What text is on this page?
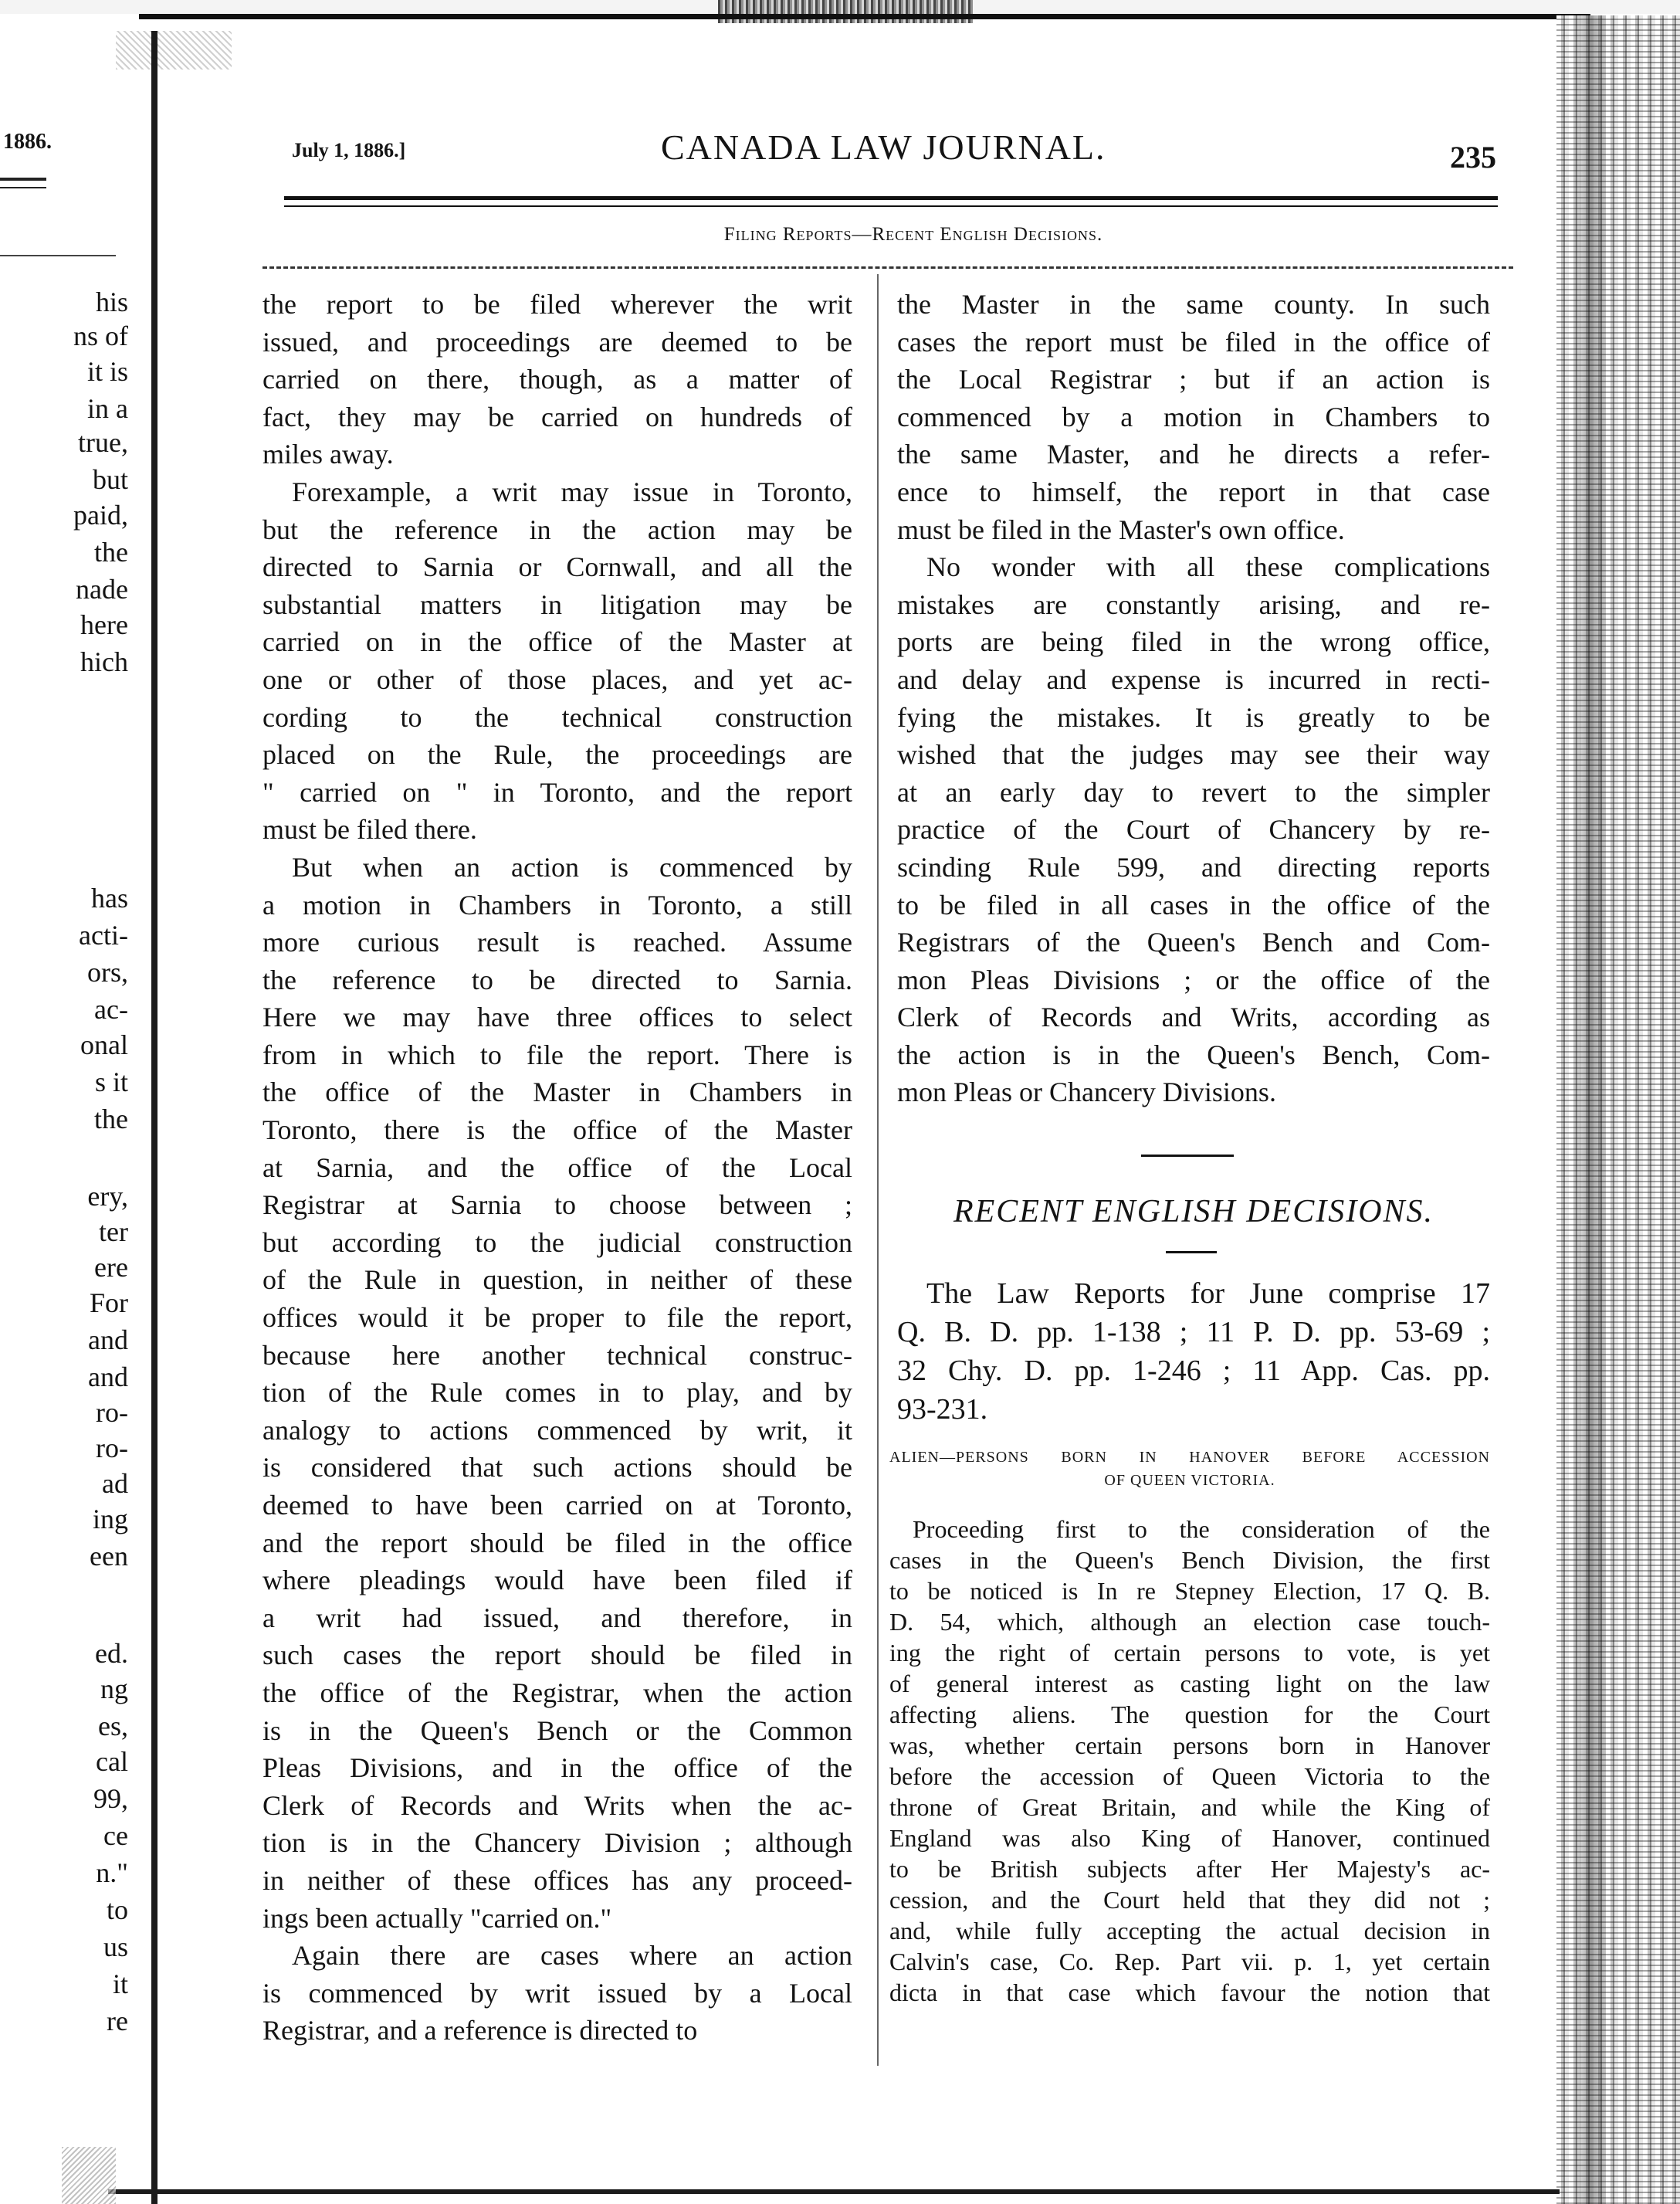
1886.
his
ns of
it is
in a
true,
but
paid,
the
nade
here
hich
has
acti-
ors,
ac-
onal
s it
the
ery,
ter
ere
For
and
and
ro-
ro-
ad
ing
een
ed.
ng
es,
cal
99,
ce
n."
to
us
it
re
July 1, 1886.]	CANADA LAW JOURNAL.	235
Filing Reports—Recent English Decisions.

the report to be filed wherever the writ
issued, and proceedings are deemed to be
carried on there, though, as a matter of
fact, they may be carried on hundreds of
miles away.

Forexample, a writ may issue in Toronto,
but the reference in the action may be
directed to Sarnia or Cornwall, and all the
substantial matters in litigation may be
carried on in the office of the Master at
one or other of those places, and yet ac-
cording to the technical construction
placed on the Rule, the proceedings are
" carried on " in Toronto, and the report
must be filed there.

But when an action is commenced by
a motion in Chambers in Toronto, a still
more curious result is reached. Assume
the reference to be directed to Sarnia.
Here we may have three offices to select
from in which to file the report. There is
the office of the Master in Chambers in
Toronto, there is the office of the Master
at Sarnia, and the office of the Local
Registrar at Sarnia to choose between ;
but according to the judicial construction
of the Rule in question, in neither of these
offices would it be proper to file the report,
because here another technical construc-
tion of the Rule comes in to play, and by
analogy to actions commenced by writ, it
is considered that such actions should be
deemed to have been carried on at Toronto,
and the report should be filed in the office
where pleadings would have been filed if
a writ had issued, and therefore, in
such cases the report should be filed in
the office of the Registrar, when the action
is in the Queen's Bench or the Common
Pleas Divisions, and in the office of the
Clerk of Records and Writs when the ac-
tion is in the Chancery Division ; although
in neither of these offices has any proceed-
ings been actually "carried on."

Again there are cases where an action
is commenced by writ issued by a Local
Registrar, and a reference is directed to

the Master in the same county. In such
cases the report must be filed in the office of
the Local Registrar ; but if an action is
commenced by a motion in Chambers to
the same Master, and he directs a refer-
ence to himself, the report in that case
must be filed in the Master's own office.

No wonder with all these complications
mistakes are constantly arising, and re-
ports are being filed in the wrong office,
and delay and expense is incurred in recti-
fying the mistakes. It is greatly to be
wished that the judges may see their way
at an early day to revert to the simpler
practice of the Court of Chancery by re-
scinding Rule 599, and directing reports
to be filed in all cases in the office of the
Registrars of the Queen's Bench and Com-
mon Pleas Divisions ; or the office of the
Clerk of Records and Writs, according as
the action is in the Queen's Bench, Com-
mon Pleas or Chancery Divisions.

RECENT ENGLISH DECISIONS.
The Law Reports for June comprise 17
Q. B. D. pp. 1-138 ; 11 P. D. pp. 53-69 ;
32 Chy. D. pp. 1-246 ; 11 App. Cas. pp.
93-231.
ALIEN—PERSONS BORN IN HANOVER BEFORE ACCESSION
OF QUEEN VICTORIA.
Proceeding first to the consideration of the
cases in the Queen's Bench Division, the first
to be noticed is In re Stepney Election, 17 Q. B.
D. 54, which, although an election case touch-
ing the right of certain persons to vote, is yet
of general interest as casting light on the law
affecting aliens. The question for the Court
was, whether certain persons born in Hanover
before the accession of Queen Victoria to the
throne of Great Britain, and while the King of
England was also King of Hanover, continued
to be British subjects after Her Majesty's ac-
cession, and the Court held that they did not ;
and, while fully accepting the actual decision in
Calvin's case, Co. Rep. Part vii. p. 1, yet certain
dicta in that case which favour the notion that
